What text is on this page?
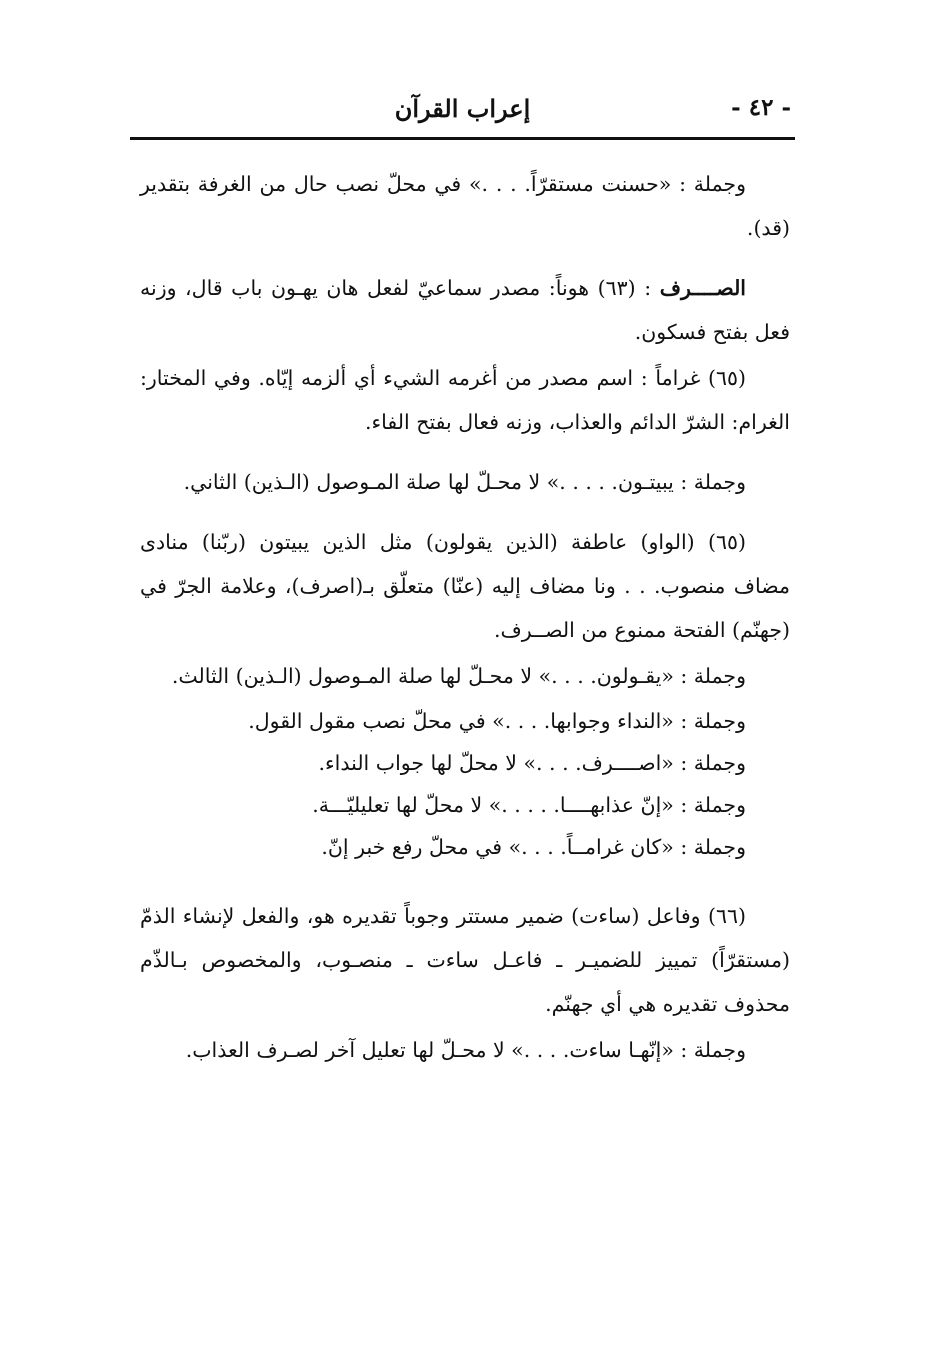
- ٤٢ -
إعراب القرآن

وجملة : «حسنت مستقرّاً. . . .» في محلّ نصب حال من الغرفة بتقدير (قد).

الصــــرف : (٦٣) هوناً: مصدر سماعيّ لفعل هان يهـون باب قال، وزنه فعل بفتح فسكون.

(٦٥) غراماً : اسم مصدر من أغرمه الشيء أي ألزمه إيّاه. وفي المختار: الغرام: الشرّ الدائم والعذاب، وزنه فعال بفتح الفاء.

وجملة : يبيتـون. . . . .» لا محـلّ لها صلة المـوصول (الـذين) الثاني.

(٦٥) (الواو) عاطفة (الذين يقولون) مثل الذين يبيتون (ربّنا) منادى مضاف منصوب. . . ونا مضاف إليه (عنّا) متعلّق بـ(اصرف)، وعلامة الجرّ في (جهنّم) الفتحة ممنوع من الصــرف.

وجملة : «يقـولون. . . .» لا محـلّ لها صلة المـوصول (الـذين) الثالث.

وجملة : «النداء وجوابها. . . .» في محلّ نصب مقول القول.

وجملة : «اصــــرف. . . .» لا محلّ لها جواب النداء.

وجملة : «إنّ عذابهــــا. . . . .» لا محلّ لها تعليليّـــة.

وجملة : «كان غرامــاً. . . .» في محلّ رفع خبر إنّ.

(٦٦) وفاعل (ساءت) ضمير مستتر وجوباً تقديره هو، والفعل لإنشاء الذمّ (مستقرّاً) تمييز للضميـر ـ فاعـل ساءت ـ منصـوب، والمخصوص بـالذّم محذوف تقديره هي أي جهنّم.

وجملة : «إنّهـا ساءت. . . .» لا محـلّ لها تعليل آخر لصـرف العذاب.
